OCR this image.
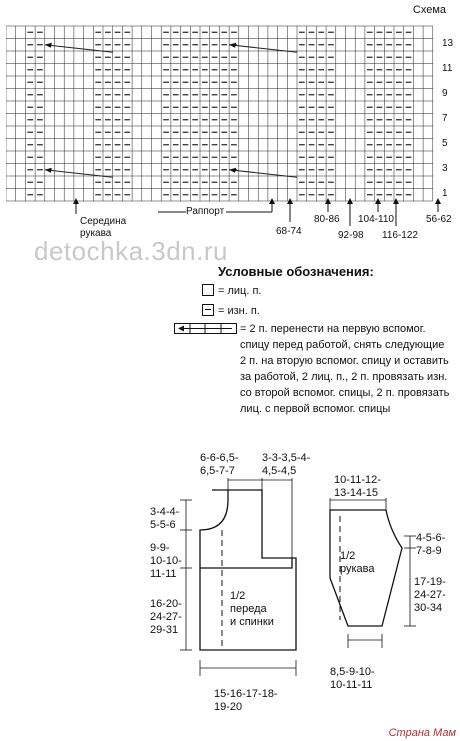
Схема
13
11
9
7
5
3
1
Середина
рукава
Раппорт
68-74
80-86
92-98
104-110
116-122
56-62
detochka.3dn.ru
Условные обозначения:
= лиц. п.
= изн. п.
= 2 п. перенести на первую вспомог. спицу перед работой, снять следующие 2 п. на вторую вспомог. спицу и оставить за работой, 2 лиц. п., 2 п. провязать изн. со второй вспомог. спицы, 2 п. провязать лиц. с первой вспомог. спицы
6-6-6,5-
6,5-7-7
3-3-3,5-4-
4,5-4,5
3-4-4-
5-5-6
9-9-
10-10-
11-11
16-20-
24-27-
29-31
1/2
переда
и спинки
15-16-17-18-
19-20
10-11-12-
13-14-15
4-5-6-
7-8-9
17-19-
24-27-
30-34
1/2
рукава
8,5-9-10-
10-11-11
Страна Мам
